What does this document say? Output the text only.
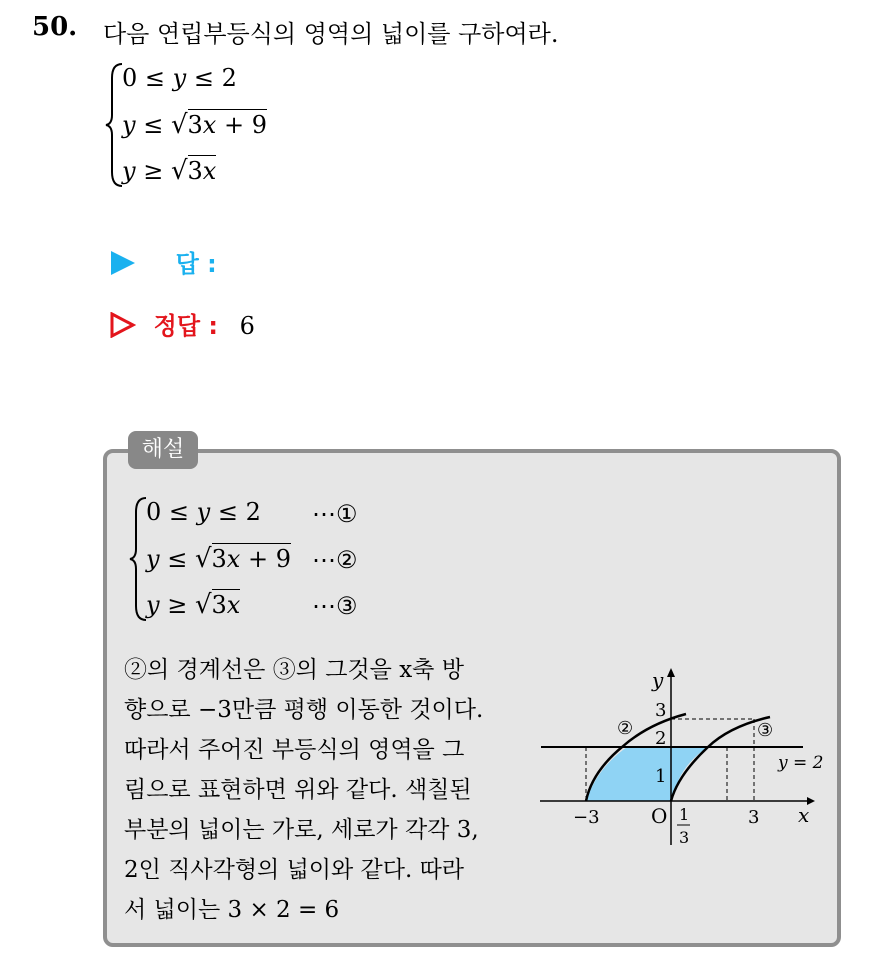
50. 다음 연립부등식의 영역의 넓이를 구하여라.
0 ≤ y ≤ 2
y ≤ √3x + 9
y ≥ √3x
답 :
정답 : 6
해설
0 ≤ y ≤ 2
y ≤ √3x + 9
y ≥ √3x
⋯①
⋯②
⋯③
②의 경계선은 ③의 그것을 x축 방
향으로 −3만큼 평행 이동한 것이다.
따라서 주어진 부등식의 영역을 그
림으로 표현하면 위와 같다. 색칠된
부분의 넓이는 가로, 세로가 각각 3,
2인 직사각형의 넓이와 같다. 따라
서 넓이는 3 × 2 = 6
y
x
3
2
1
−3	O 1
3
3
②	③
y = 2
